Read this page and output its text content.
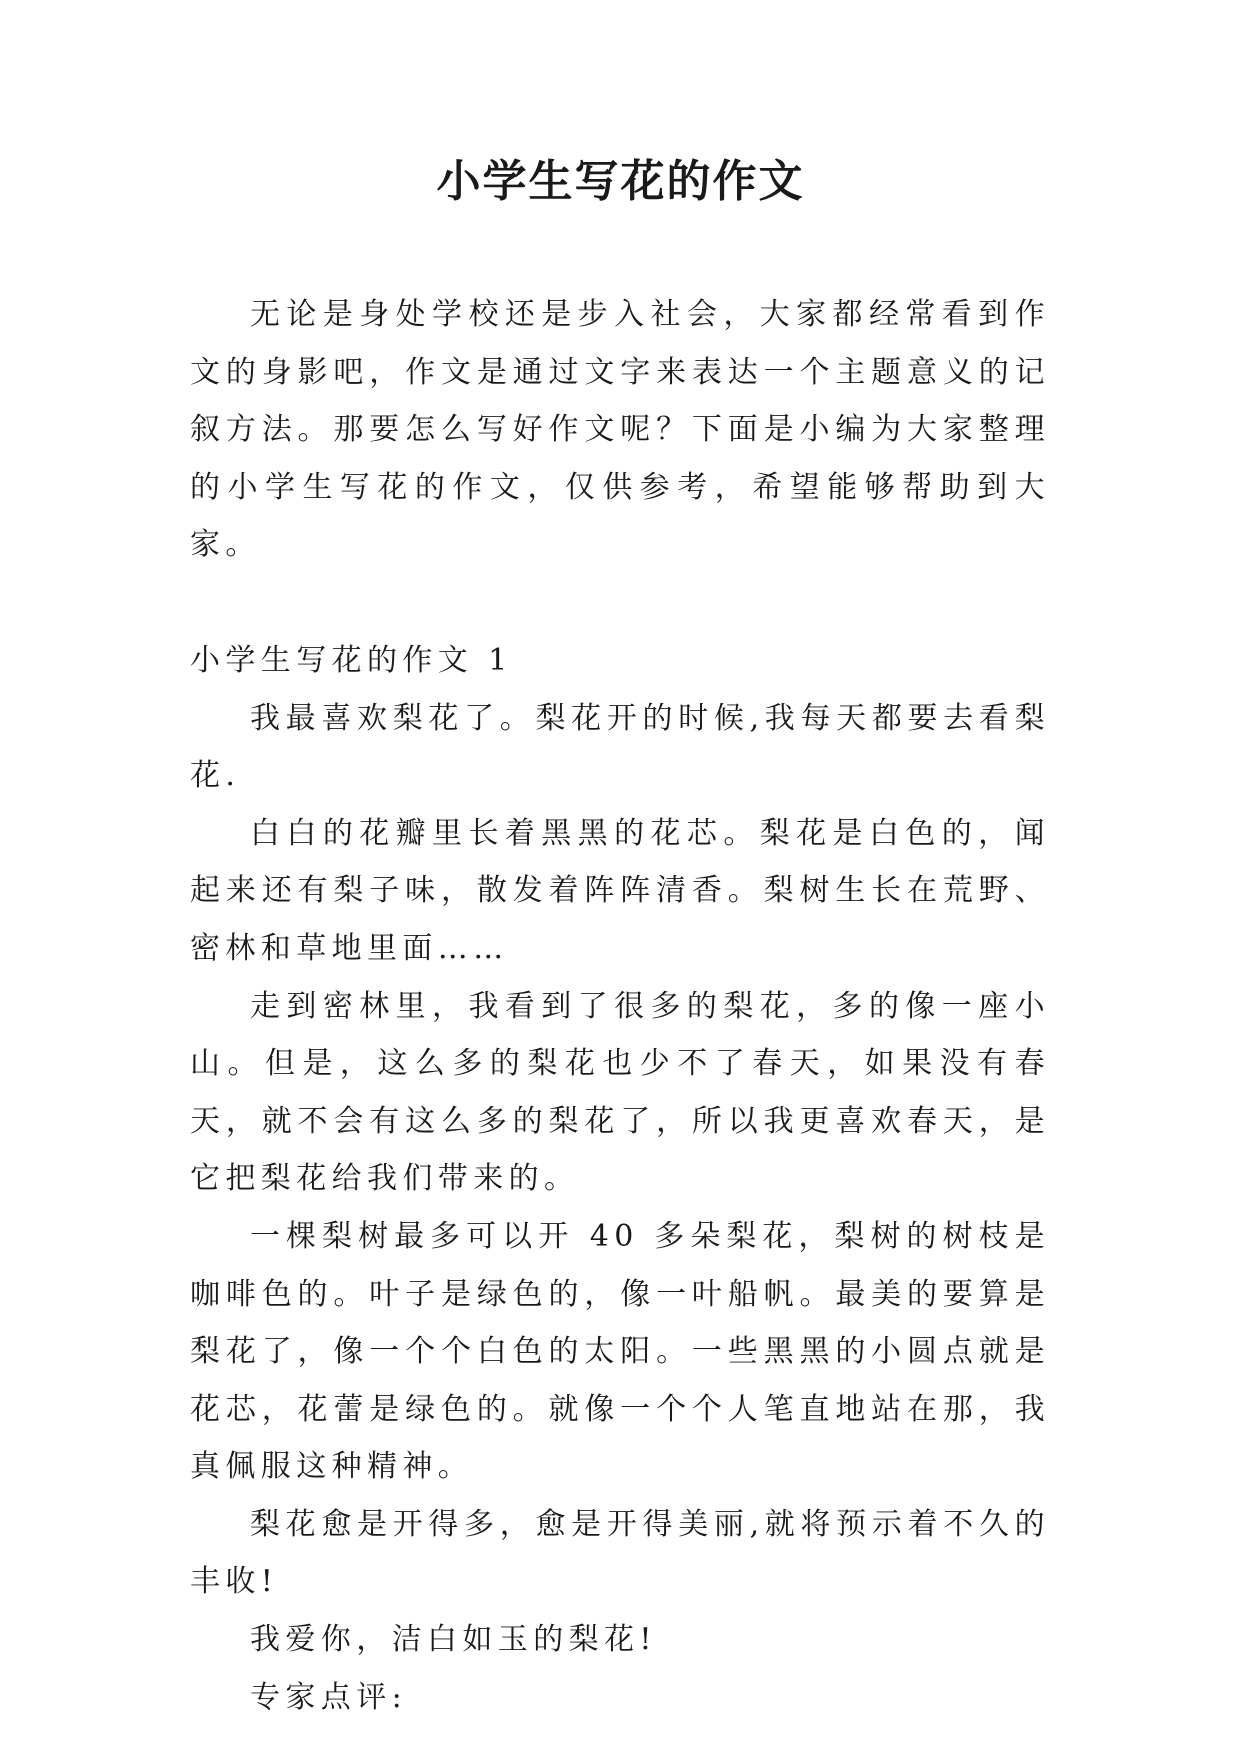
小学生写花的作文

无论是身处学校还是步入社会，大家都经常看到作文的身影吧，作文是通过文字来表达一个主题意义的记叙方法。那要怎么写好作文呢？下面是小编为大家整理的小学生写花的作文，仅供参考，希望能够帮助到大家。

小学生写花的作文 1

我最喜欢梨花了。梨花开的时候,我每天都要去看梨花.

白白的花瓣里长着黑黑的花芯。梨花是白色的，闻起来还有梨子味，散发着阵阵清香。梨树生长在荒野、密林和草地里面……

走到密林里，我看到了很多的梨花，多的像一座小山。但是，这么多的梨花也少不了春天，如果没有春天，就不会有这么多的梨花了，所以我更喜欢春天，是它把梨花给我们带来的。

一棵梨树最多可以开 40 多朵梨花，梨树的树枝是咖啡色的。叶子是绿色的，像一叶船帆。最美的要算是梨花了，像一个个白色的太阳。一些黑黑的小圆点就是花芯，花蕾是绿色的。就像一个个人笔直地站在那，我真佩服这种精神。

梨花愈是开得多，愈是开得美丽,就将预示着不久的丰收!

我爱你，洁白如玉的梨花!

专家点评:
